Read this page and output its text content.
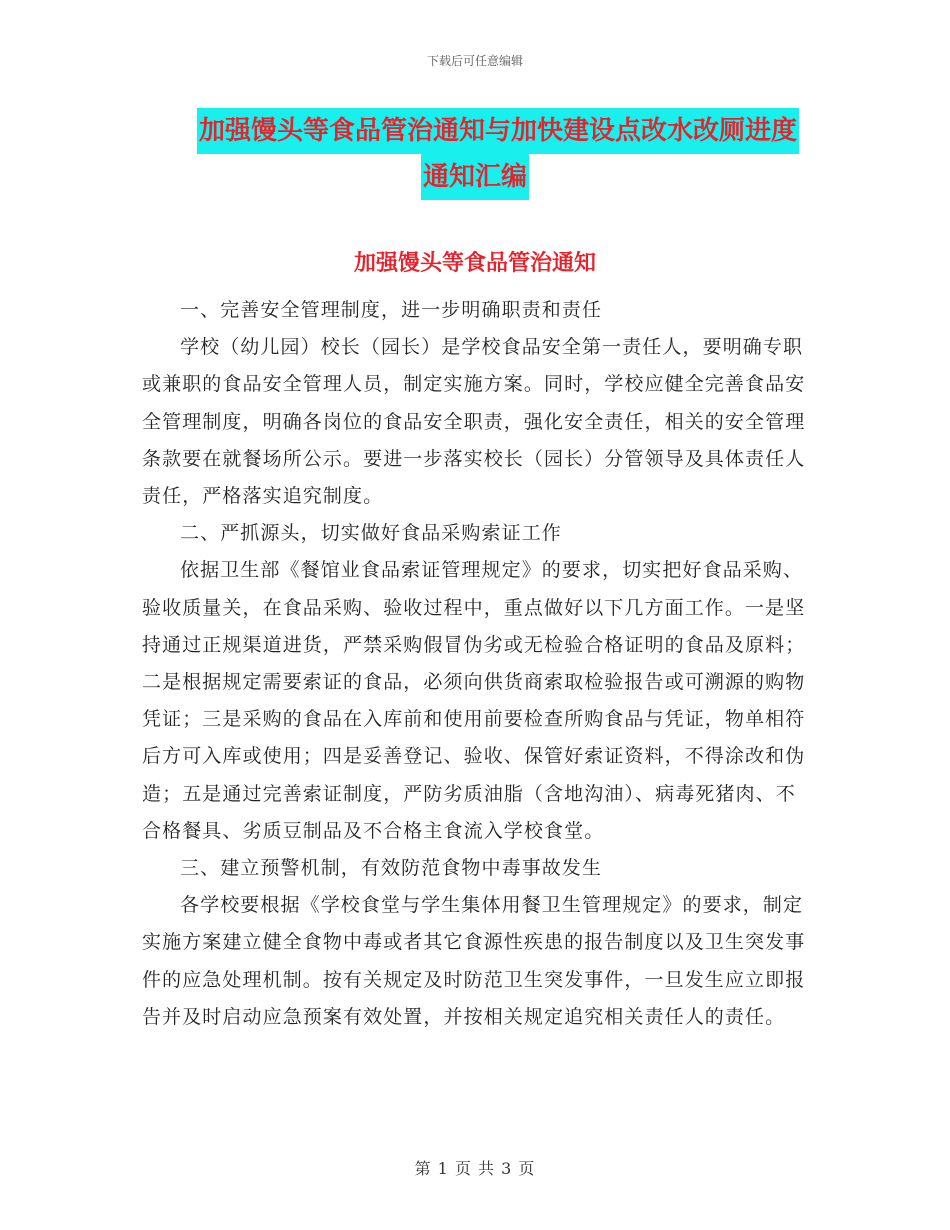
下载后可任意编辑
加强馒头等食品管治通知与加快建设点改水改厕进度
通知汇编
加强馒头等食品管治通知

一、完善安全管理制度，进一步明确职责和责任

学校（幼儿园）校长（园长）是学校食品安全第一责任人，要明确专职或兼职的食品安全管理人员，制定实施方案。同时，学校应健全完善食品安全管理制度，明确各岗位的食品安全职责，强化安全责任，相关的安全管理条款要在就餐场所公示。要进一步落实校长（园长）分管领导及具体责任人责任，严格落实追究制度。

二、严抓源头，切实做好食品采购索证工作

依据卫生部《餐馆业食品索证管理规定》的要求，切实把好食品采购、验收质量关，在食品采购、验收过程中，重点做好以下几方面工作。一是坚持通过正规渠道进货，严禁采购假冒伪劣或无检验合格证明的食品及原料；二是根据规定需要索证的食品，必须向供货商索取检验报告或可溯源的购物凭证；三是采购的食品在入库前和使用前要检查所购食品与凭证，物单相符后方可入库或使用；四是妥善登记、验收、保管好索证资料，不得涂改和伪造；五是通过完善索证制度，严防劣质油脂（含地沟油）、病毒死猪肉、不合格餐具、劣质豆制品及不合格主食流入学校食堂。

三、建立预警机制，有效防范食物中毒事故发生

各学校要根据《学校食堂与学生集体用餐卫生管理规定》的要求，制定实施方案建立健全食物中毒或者其它食源性疾患的报告制度以及卫生突发事件的应急处理机制。按有关规定及时防范卫生突发事件，一旦发生应立即报告并及时启动应急预案有效处置，并按相关规定追究相关责任人的责任。

第 1 页 共 3 页
